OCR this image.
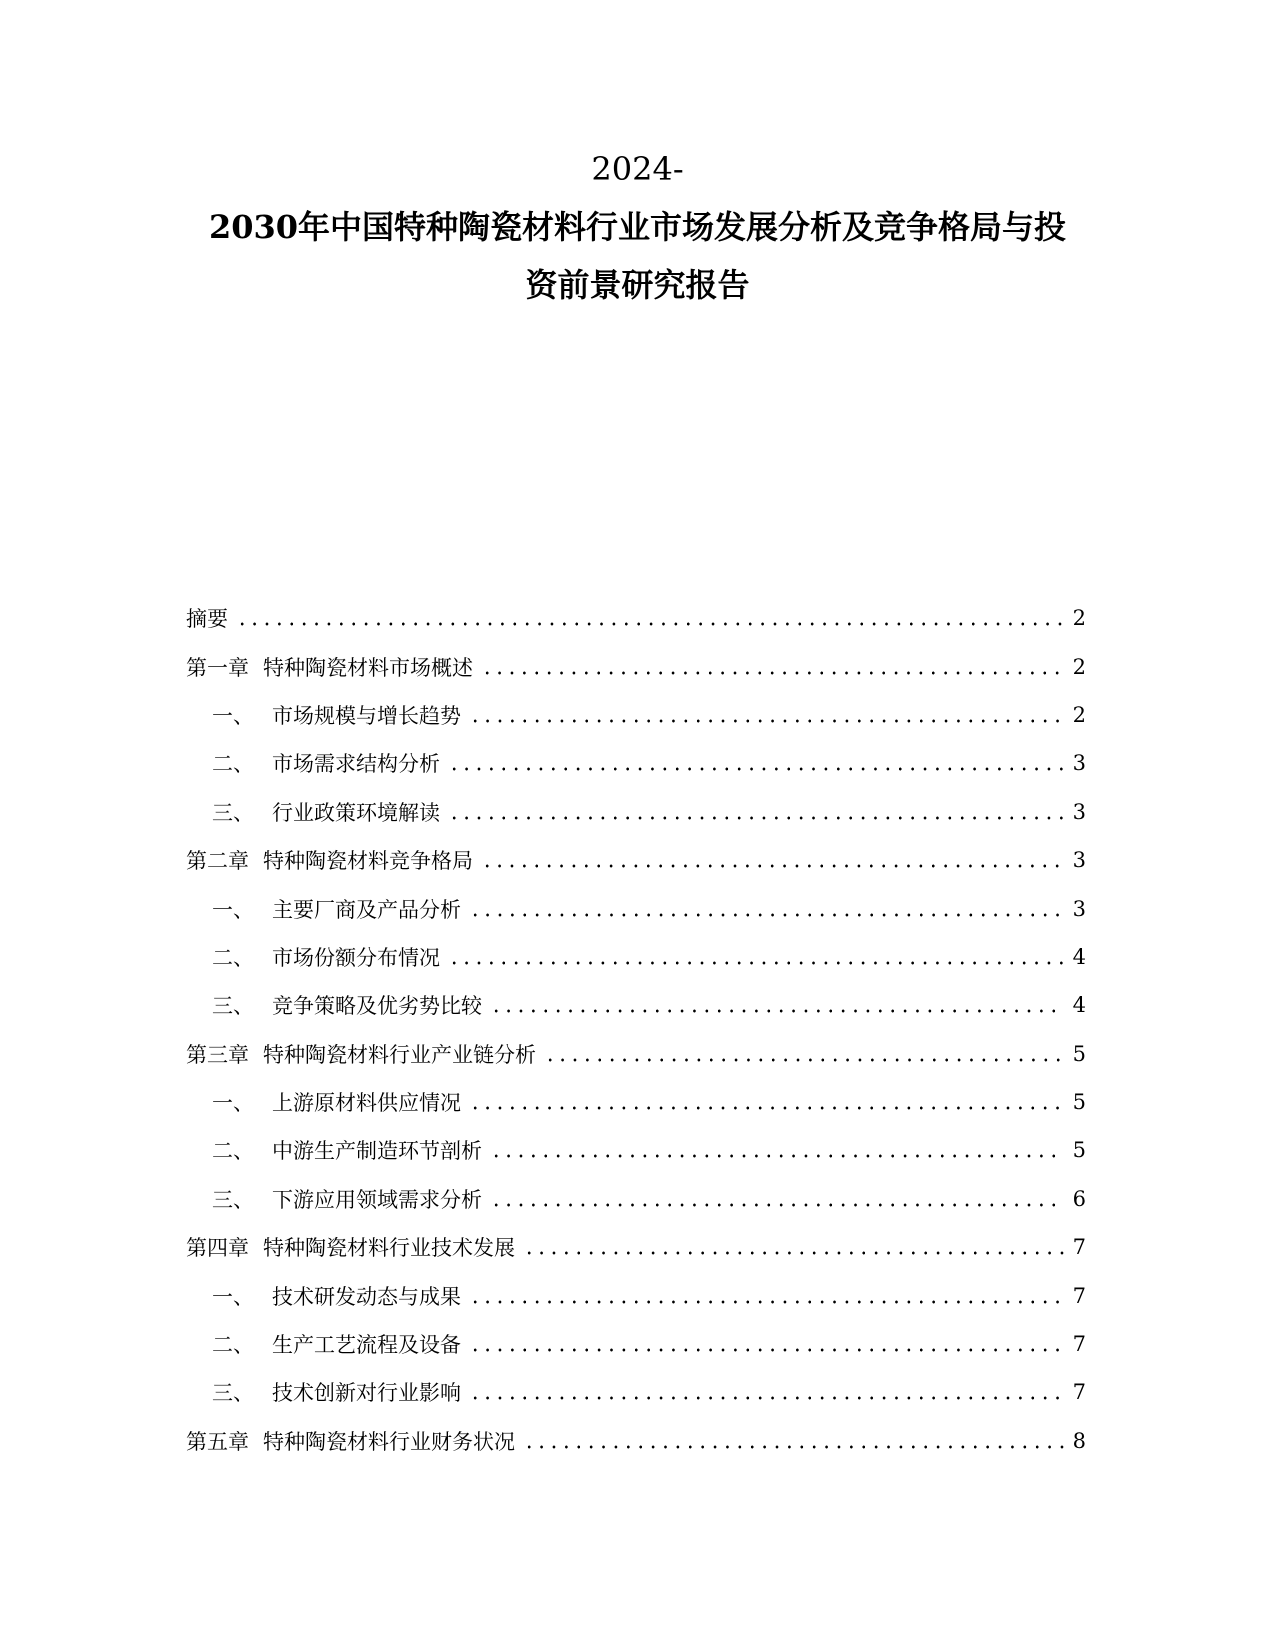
2024-
2030年中国特种陶瓷材料行业市场发展分析及竞争格局与投
资前景研究报告
摘要	2
第一章 特种陶瓷材料市场概述	2
一、 市场规模与增长趋势	2
二、 市场需求结构分析	3
三、 行业政策环境解读	3
第二章 特种陶瓷材料竞争格局	3
一、 主要厂商及产品分析	3
二、 市场份额分布情况	4
三、 竞争策略及优劣势比较	4
第三章 特种陶瓷材料行业产业链分析	5
一、 上游原材料供应情况	5
二、 中游生产制造环节剖析	5
三、 下游应用领域需求分析	6
第四章 特种陶瓷材料行业技术发展	7
一、 技术研发动态与成果	7
二、 生产工艺流程及设备	7
三、 技术创新对行业影响	7
第五章 特种陶瓷材料行业财务状况	8
